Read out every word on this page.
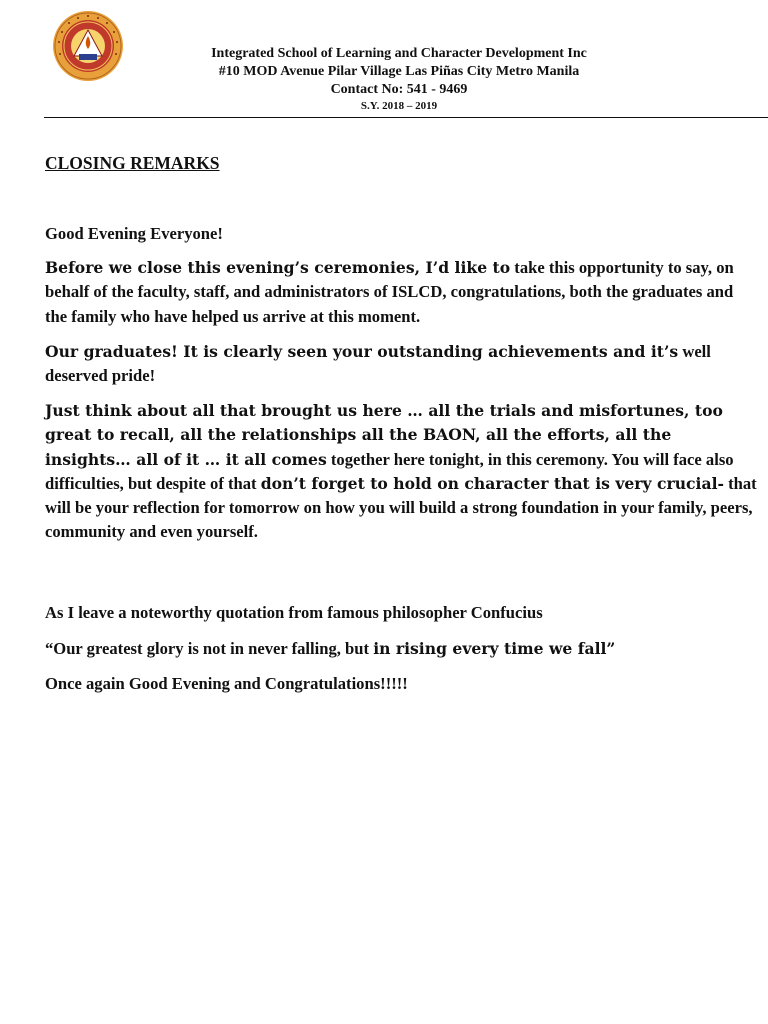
Integrated School of Learning and Character Development Inc
#10 MOD Avenue Pilar Village Las Piñas City Metro Manila
Contact No: 541 - 9469
S.Y. 2018 – 2019
CLOSING REMARKS

Good Evening Everyone!

Before we close this evening’s ceremonies, I’d like to take this opportunity to say, on behalf of the faculty, staff, and administrators of ISLCD, congratulations, both the graduates and the family who have helped us arrive at this moment.

Our graduates! It is clearly seen your outstanding achievements and it’s well deserved pride!

Just think about all that brought us here … all the trials and misfortunes, too great to recall, all the relationships all the BAON, all the efforts, all the insights… all of it … it all comes together here tonight, in this ceremony. You will face also difficulties, but despite of that don’t forget to hold on character that is very crucial- that will be your reflection for tomorrow on how you will build a strong foundation in your family, peers, community and even yourself.

As I leave a noteworthy quotation from famous philosopher Confucius

“Our greatest glory is not in never falling, but in rising every time we fall”

Once again Good Evening and Congratulations!!!!!
